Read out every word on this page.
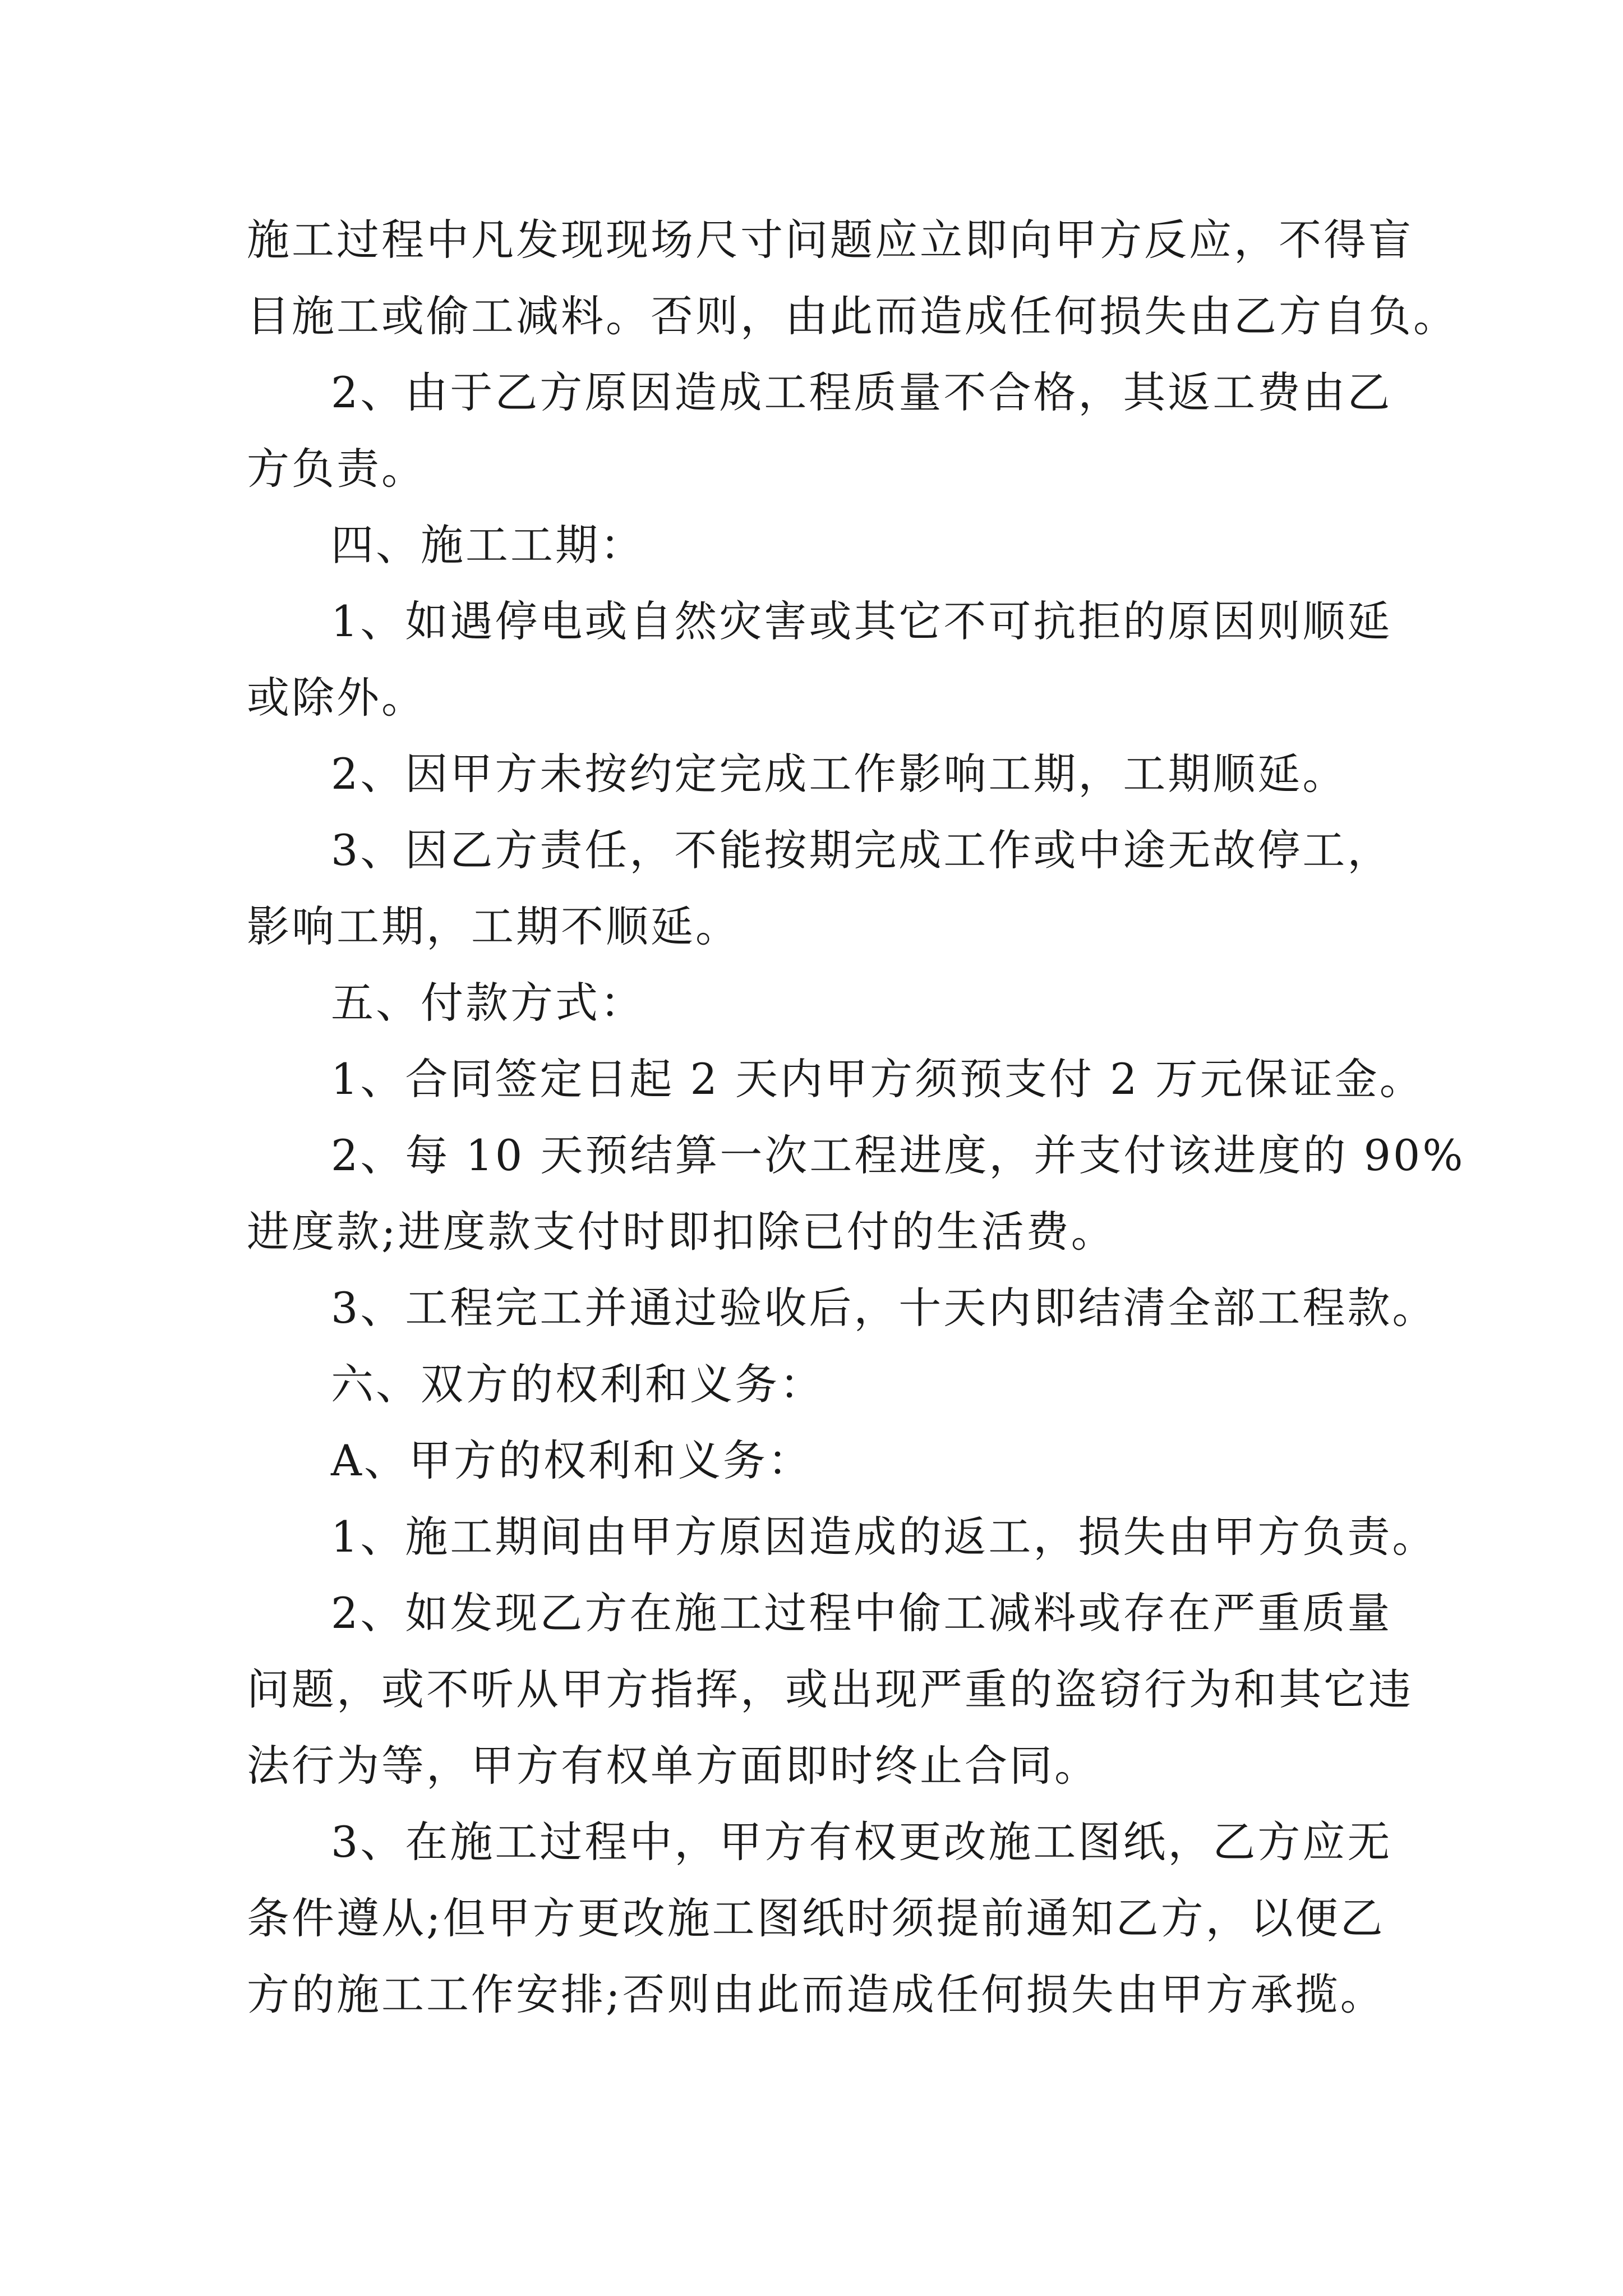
施工过程中凡发现现场尺寸问题应立即向甲方反应，不得盲
目施工或偷工减料。否则，由此而造成任何损失由乙方自负。
2、由于乙方原因造成工程质量不合格，其返工费由乙
方负责。
四、施工工期：
1、如遇停电或自然灾害或其它不可抗拒的原因则顺延
或除外。
2、因甲方未按约定完成工作影响工期，工期顺延。
3、因乙方责任，不能按期完成工作或中途无故停工，
影响工期，工期不顺延。
五、付款方式：
1、合同签定日起 2 天内甲方须预支付 2 万元保证金。
2、每 10 天预结算一次工程进度，并支付该进度的 90%
进度款;进度款支付时即扣除已付的生活费。
3、工程完工并通过验收后，十天内即结清全部工程款。
六、双方的权利和义务：
A、甲方的权利和义务：
1、施工期间由甲方原因造成的返工，损失由甲方负责。
2、如发现乙方在施工过程中偷工减料或存在严重质量
问题，或不听从甲方指挥，或出现严重的盗窃行为和其它违
法行为等，甲方有权单方面即时终止合同。
3、在施工过程中，甲方有权更改施工图纸，乙方应无
条件遵从;但甲方更改施工图纸时须提前通知乙方，以便乙
方的施工工作安排;否则由此而造成任何损失由甲方承揽。
